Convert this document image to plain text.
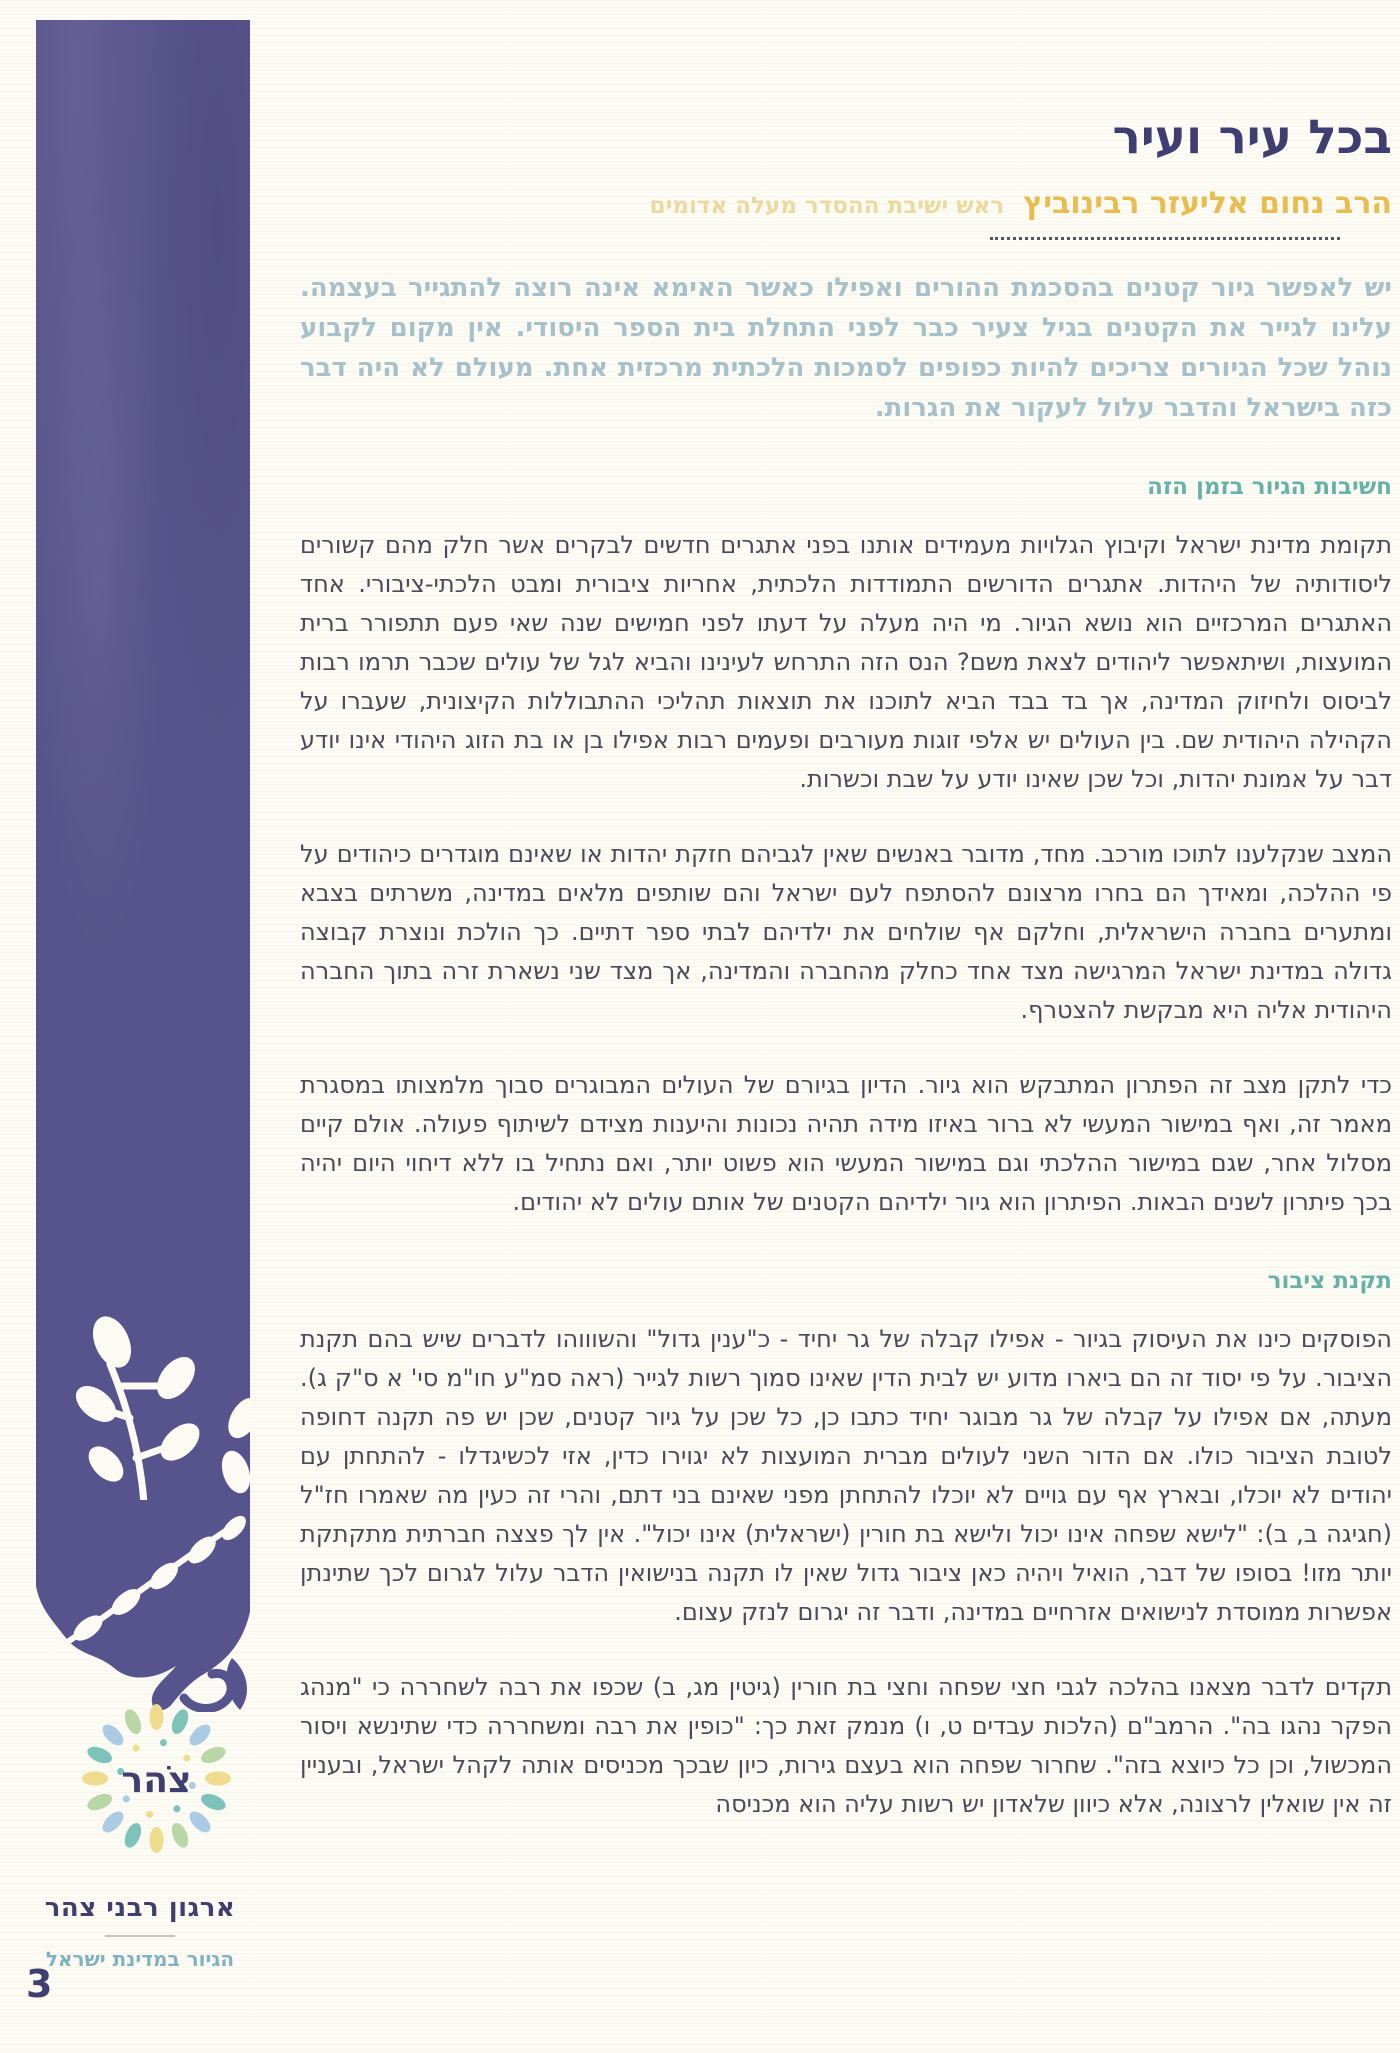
צֹהר
ארגון רבני צהר
הגיור במדינת ישראל
3
בכל עיר ועיר
הרב נחום אליעזר רבינוביץ ראש ישיבת ההסדר מעלה אדומים

יש לאפשר גיור קטנים בהסכמת ההורים ואפילו כאשר האימא אינה רוצה להתגייר בעצמה. עלינו לגייר את הקטנים בגיל צעיר כבר לפני התחלת בית הספר היסודי. אין מקום לקבוע נוהל שכל הגיורים צריכים להיות כפופים לסמכות הלכתית מרכזית אחת. מעולם לא היה דבר כזה בישראל והדבר עלול לעקור את הגרות.

חשיבות הגיור בזמן הזה

תקומת מדינת ישראל וקיבוץ הגלויות מעמידים אותנו בפני אתגרים חדשים לבקרים אשר חלק מהם קשורים ליסודותיה של היהדות. אתגרים הדורשים התמודדות הלכתית, אחריות ציבורית ומבט הלכתי-ציבורי. אחד האתגרים המרכזיים הוא נושא הגיור. מי היה מעלה על דעתו לפני חמישים שנה שאי פעם תתפורר ברית המועצות, ושיתאפשר ליהודים לצאת משם? הנס הזה התרחש לעינינו והביא לגל של עולים שכבר תרמו רבות לביסוס ולחיזוק המדינה, אך בד בבד הביא לתוכנו את תוצאות תהליכי ההתבוללות הקיצונית, שעברו על הקהילה היהודית שם. בין העולים יש אלפי זוגות מעורבים ופעמים רבות אפילו בן או בת הזוג היהודי אינו יודע דבר על אמונת יהדות, וכל שכן שאינו יודע על שבת וכשרות.

המצב שנקלענו לתוכו מורכב. מחד, מדובר באנשים שאין לגביהם חזקת יהדות או שאינם מוגדרים כיהודים על פי ההלכה, ומאידך הם בחרו מרצונם להסתפח לעם ישראל והם שותפים מלאים במדינה, משרתים בצבא ומתערים בחברה הישראלית, וחלקם אף שולחים את ילדיהם לבתי ספר דתיים. כך הולכת ונוצרת קבוצה גדולה במדינת ישראל המרגישה מצד אחד כחלק מהחברה והמדינה, אך מצד שני נשארת זרה בתוך החברה היהודית אליה היא מבקשת להצטרף.

כדי לתקן מצב זה הפתרון המתבקש הוא גיור. הדיון בגיורם של העולים המבוגרים סבוך מלמצותו במסגרת מאמר זה, ואף במישור המעשי לא ברור באיזו מידה תהיה נכונות והיענות מצידם לשיתוף פעולה. אולם קיים מסלול אחר, שגם במישור ההלכתי וגם במישור המעשי הוא פשוט יותר, ואם נתחיל בו ללא דיחוי היום יהיה בכך פיתרון לשנים הבאות. הפיתרון הוא גיור ילדיהם הקטנים של אותם עולים לא יהודים.

תקנת ציבור

הפוסקים כינו את העיסוק בגיור - אפילו קבלה של גר יחיד - כ"ענין גדול" והשוווהו לדברים שיש בהם תקנת הציבור. על פי יסוד זה הם ביארו מדוע יש לבית הדין שאינו סמוך רשות לגייר (ראה סמ"ע חו"מ סי' א ס"ק ג). מעתה, אם אפילו על קבלה של גר מבוגר יחיד כתבו כן, כל שכן על גיור קטנים, שכן יש פה תקנה דחופה לטובת הציבור כולו. אם הדור השני לעולים מברית המועצות לא יגוירו כדין, אזי לכשיגדלו - להתחתן עם יהודים לא יוכלו, ובארץ אף עם גויים לא יוכלו להתחתן מפני שאינם בני דתם, והרי זה כעין מה שאמרו חז"ל (חגיגה ב, ב): "לישא שפחה אינו יכול ולישא בת חורין (ישראלית) אינו יכול". אין לך פצצה חברתית מתקתקת יותר מזו! בסופו של דבר, הואיל ויהיה כאן ציבור גדול שאין לו תקנה בנישואין הדבר עלול לגרום לכך שתינתן אפשרות ממוסדת לנישואים אזרחיים במדינה, ודבר זה יגרום לנזק עצום.

תקדים לדבר מצאנו בהלכה לגבי חצי שפחה וחצי בת חורין (גיטין מג, ב) שכפו את רבה לשחררה כי "מנהג הפקר נהגו בה". הרמב"ם (הלכות עבדים ט, ו) מנמק זאת כך: "כופין את רבה ומשחררה כדי שתינשא ויסור המכשול, וכן כל כיוצא בזה". שחרור שפחה הוא בעצם גירות, כיון שבכך מכניסים אותה לקהל ישראל, ובעניין זה אין שואלין לרצונה, אלא כיוון שלאדון יש רשות עליה הוא מכניסה
